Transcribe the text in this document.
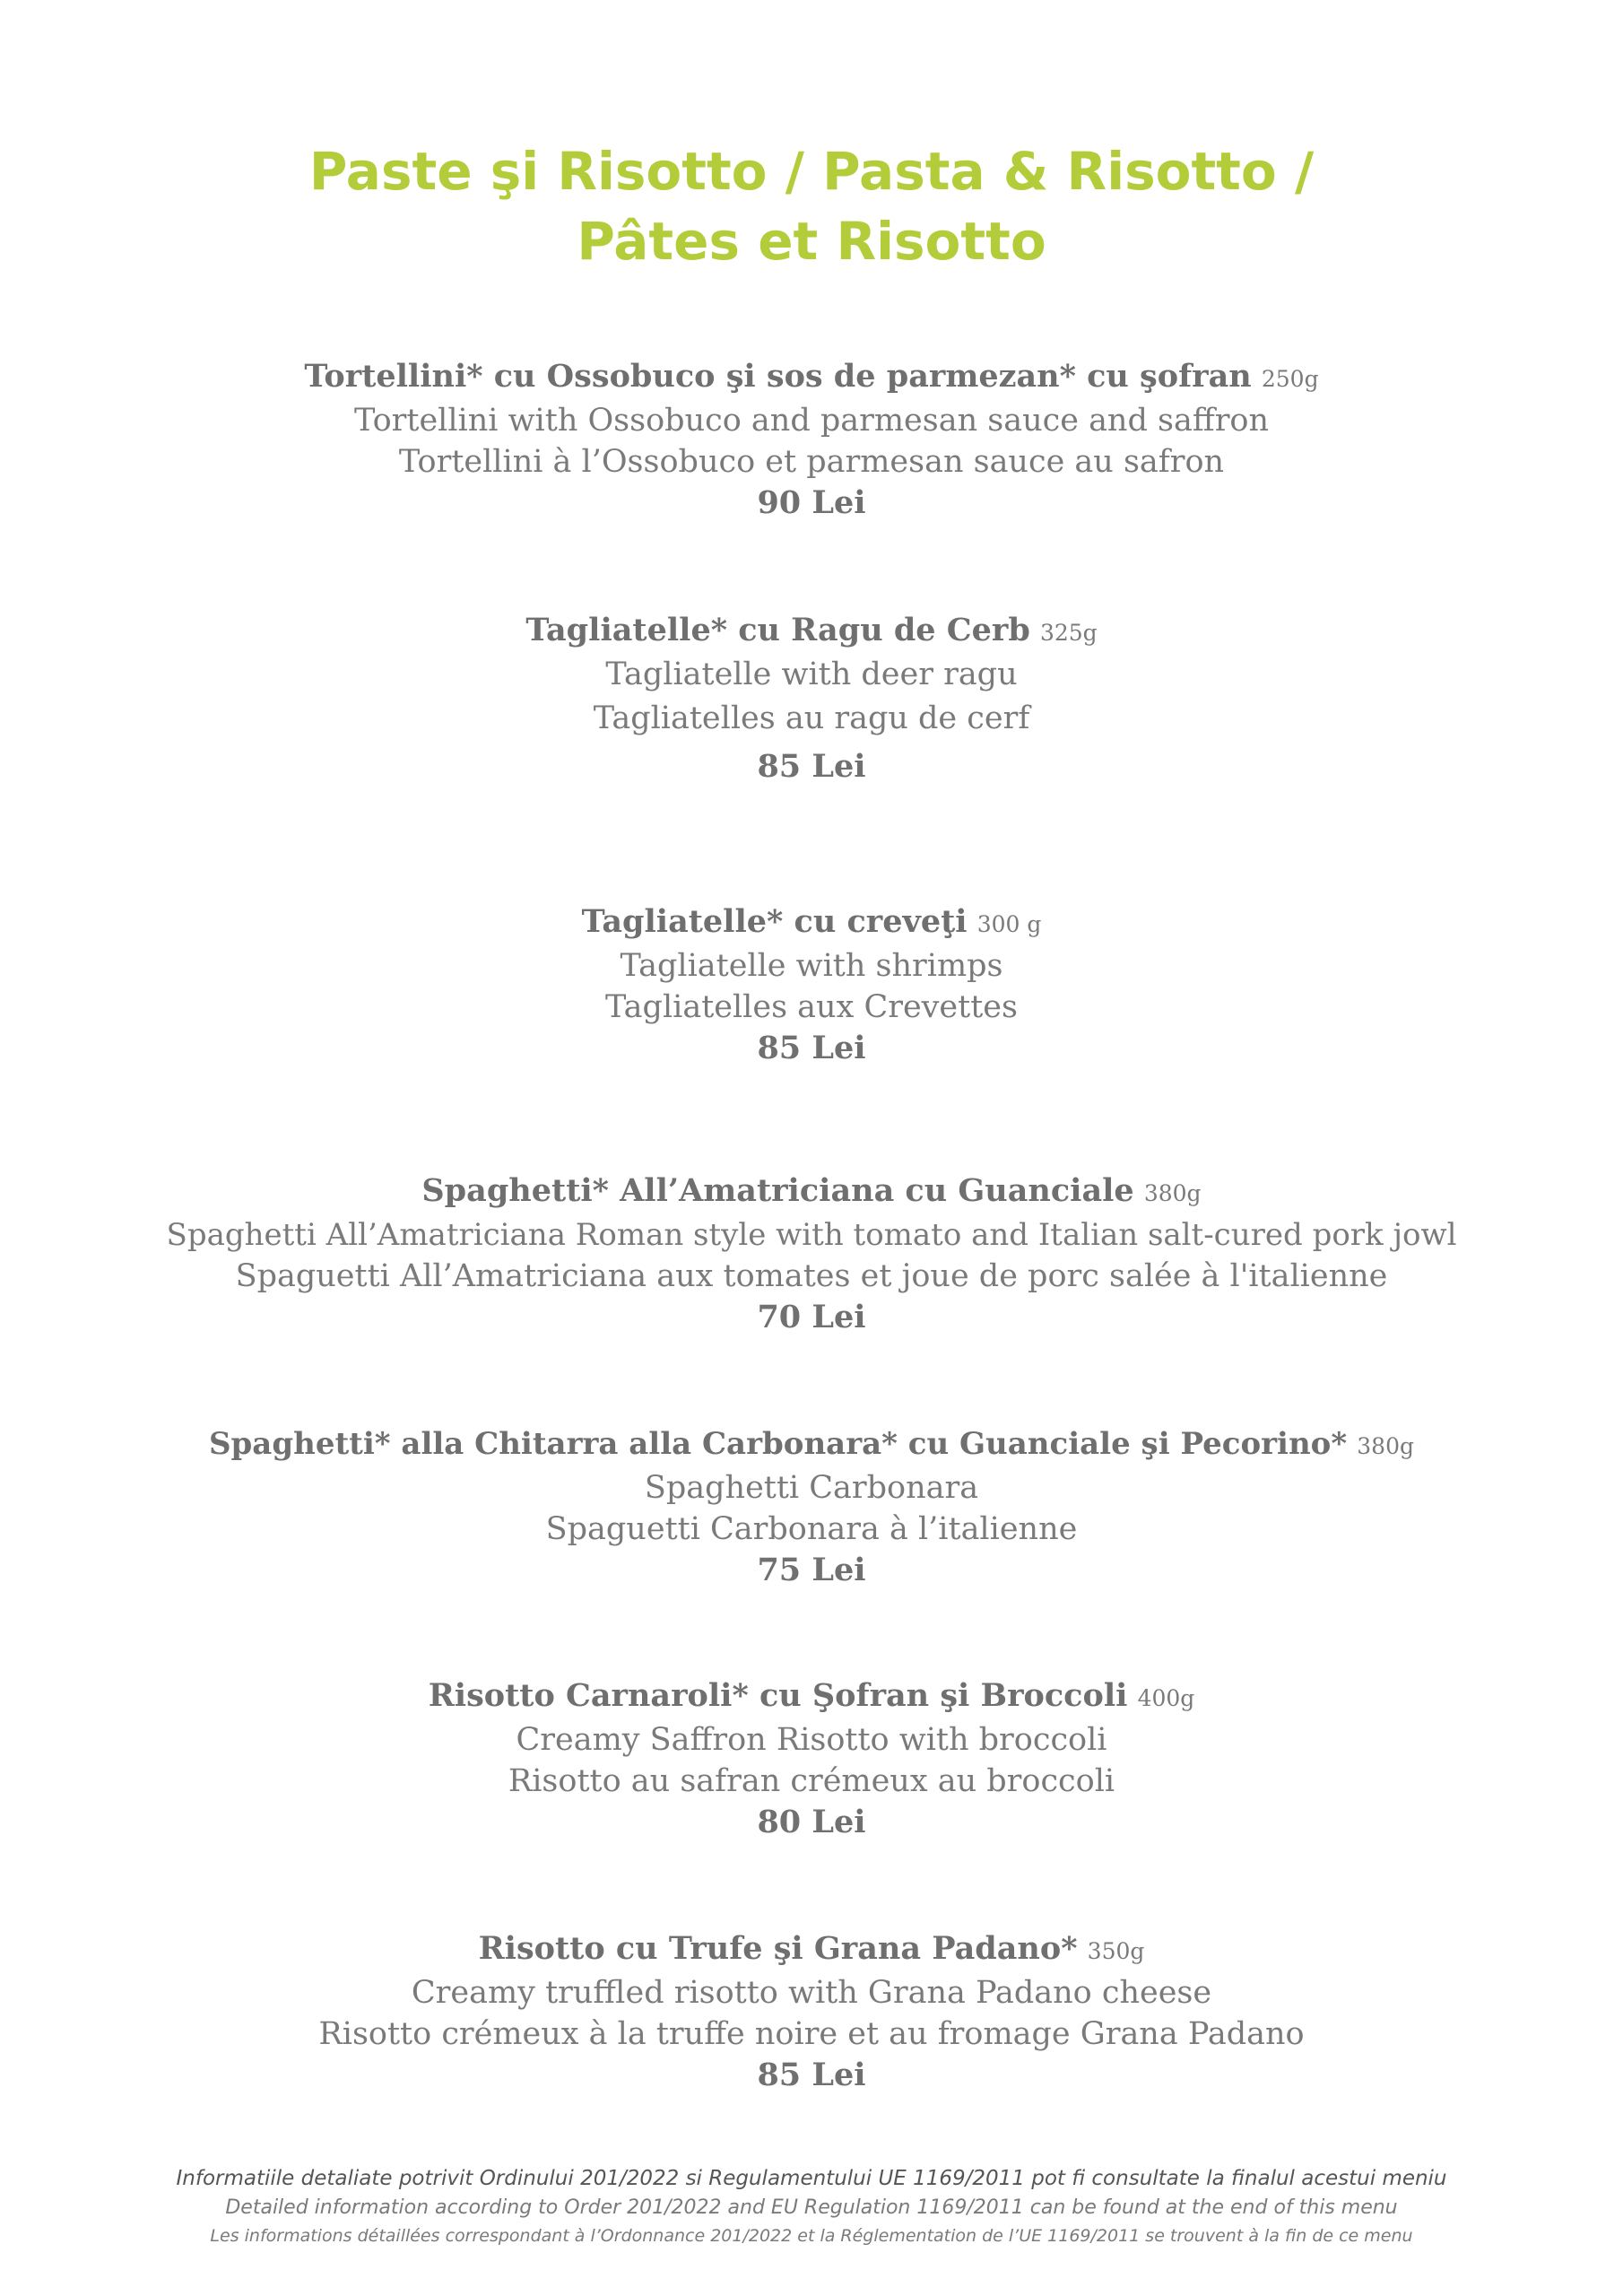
Paste şi Risotto / Pasta & Risotto /
Pâtes et Risotto
Tortellini* cu Ossobuco şi sos de parmezan* cu şofran 250g
Tortellini with Ossobuco and parmesan sauce and saffron
Tortellini à l’Ossobuco et parmesan sauce au safron
90 Lei
Tagliatelle* cu Ragu de Cerb 325g
Tagliatelle with deer ragu
Tagliatelles au ragu de cerf
85 Lei
Tagliatelle* cu creveţi 300 g
Tagliatelle with shrimps
Tagliatelles aux Crevettes
85 Lei
Spaghetti* All’Amatriciana cu Guanciale 380g
Spaghetti All’Amatriciana Roman style with tomato and Italian salt-cured pork jowl
Spaguetti All’Amatriciana aux tomates et joue de porc salée à l'italienne
70 Lei
Spaghetti* alla Chitarra alla Carbonara* cu Guanciale şi Pecorino* 380g
Spaghetti Carbonara
Spaguetti Carbonara à l’italienne
75 Lei
Risotto Carnaroli* cu Şofran şi Broccoli 400g
Creamy Saffron Risotto with broccoli
Risotto au safran crémeux au broccoli
80 Lei
Risotto cu Trufe şi Grana Padano* 350g
Creamy truffled risotto with Grana Padano cheese
Risotto crémeux à la truffe noire et au fromage Grana Padano
85 Lei
Informatiile detaliate potrivit Ordinului 201/2022 si Regulamentului UE 1169/2011 pot fi consultate la finalul acestui meniu
Detailed information according to Order 201/2022 and EU Regulation 1169/2011 can be found at the end of this menu
Les informations détaillées correspondant à l’Ordonnance 201/2022 et la Réglementation de l’UE 1169/2011 se trouvent à la fin de ce menu
